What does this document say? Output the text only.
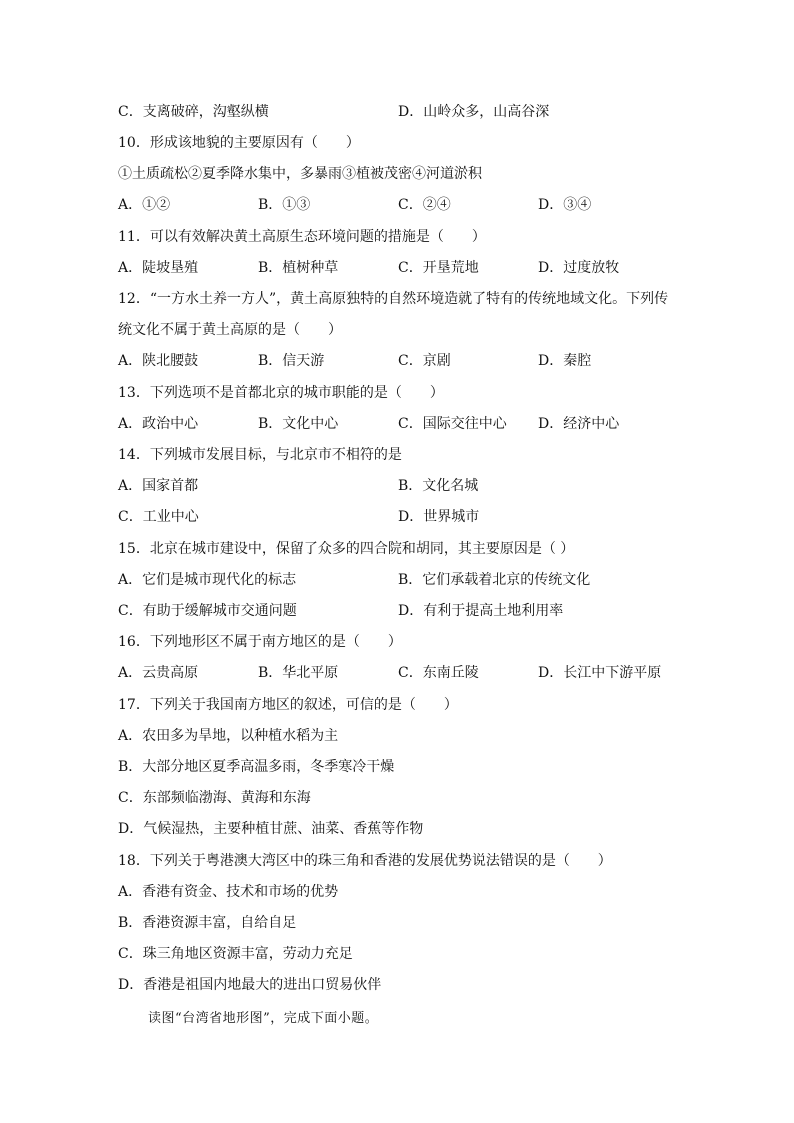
C．支离破碎，沟壑纵横	D．山岭众多，山高谷深
10．形成该地貌的主要原因有（　　）
①土质疏松②夏季降水集中，多暴雨③植被茂密④河道淤积
A．①②	B．①③	C．②④	D．③④
11．可以有效解决黄土高原生态环境问题的措施是（　　）
A．陡坡垦殖	B．植树种草	C．开垦荒地	D．过度放牧
12．“一方水土养一方人”，黄土高原独特的自然环境造就了特有的传统地域文化。下列传
统文化不属于黄土高原的是（　　）
A．陕北腰鼓	B．信天游	C．京剧	D．秦腔
13．下列选项不是首都北京的城市职能的是（　　）
A．政治中心	B．文化中心	C．国际交往中心 D．经济中心
14．下列城市发展目标，与北京市不相符的是
A．国家首都	B．文化名城
C．工业中心	D．世界城市
15．北京在城市建设中，保留了众多的四合院和胡同，其主要原因是（ ）
A．它们是城市现代化的标志	B．它们承载着北京的传统文化
C．有助于缓解城市交通问题	D．有利于提高土地利用率
16．下列地形区不属于南方地区的是（　　）
A．云贵高原	B．华北平原	C．东南丘陵	D．长江中下游平原
17．下列关于我国南方地区的叙述，可信的是（　　）
A．农田多为旱地，以种植水稻为主
B．大部分地区夏季高温多雨，冬季寒冷干燥
C．东部频临渤海、黄海和东海
D．气候湿热，主要种植甘蔗、油菜、香蕉等作物
18．下列关于粤港澳大湾区中的珠三角和香港的发展优势说法错误的是（　　）
A．香港有资金、技术和市场的优势
B．香港资源丰富，自给自足
C．珠三角地区资源丰富，劳动力充足
D．香港是祖国内地最大的进出口贸易伙伴
读图“台湾省地形图”，完成下面小题。
